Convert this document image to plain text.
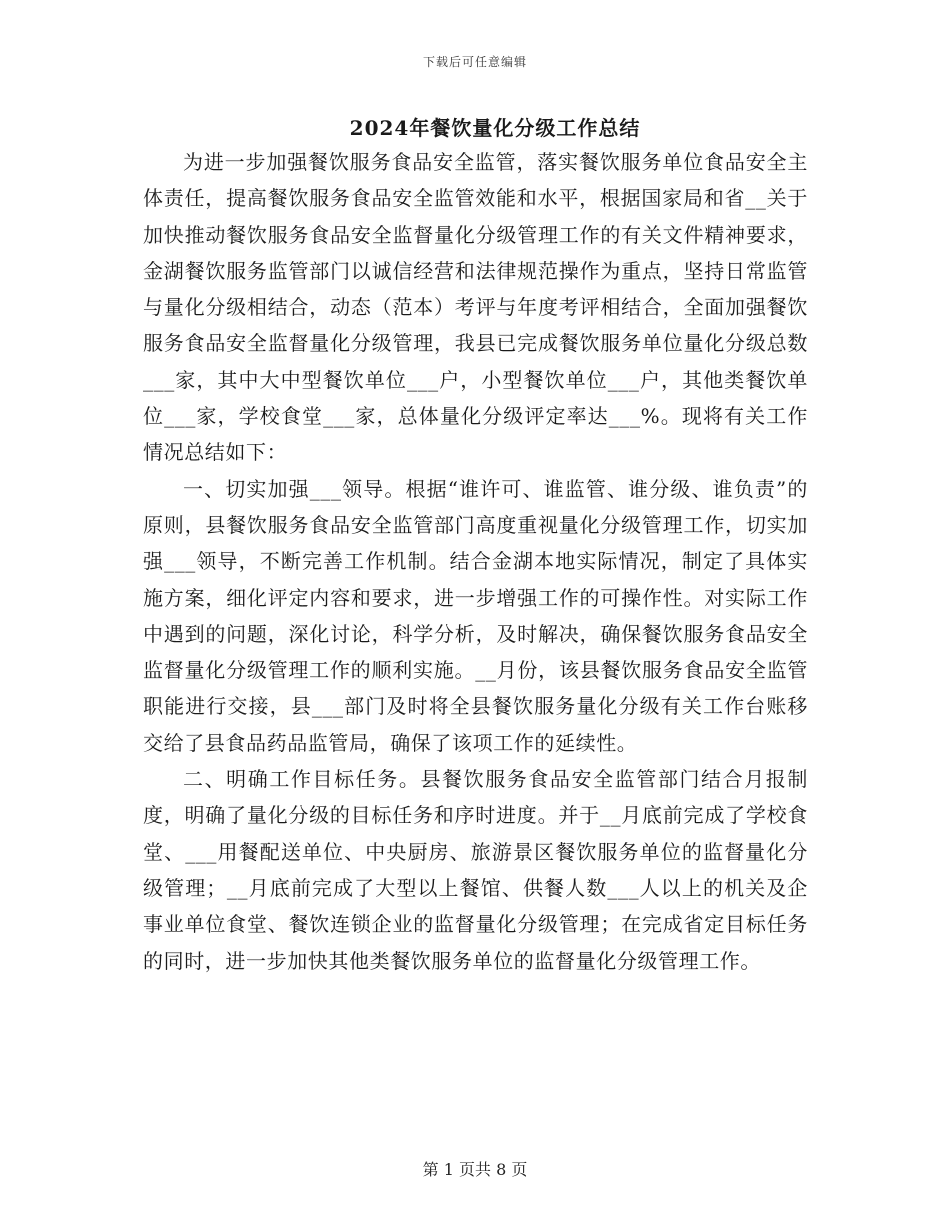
下载后可任意编辑
2024年餐饮量化分级工作总结

为进一步加强餐饮服务食品安全监管，落实餐饮服务单位食品安全主体责任，提高餐饮服务食品安全监管效能和水平，根据国家局和省__关于加快推动餐饮服务食品安全监督量化分级管理工作的有关文件精神要求，金湖餐饮服务监管部门以诚信经营和法律规范操作为重点，坚持日常监管与量化分级相结合，动态（范本）考评与年度考评相结合，全面加强餐饮服务食品安全监督量化分级管理，我县已完成餐饮服务单位量化分级总数___家，其中大中型餐饮单位___户，小型餐饮单位___户，其他类餐饮单位___家，学校食堂___家，总体量化分级评定率达___%。现将有关工作情况总结如下：

一、切实加强___领导。根据“谁许可、谁监管、谁分级、谁负责”的原则，县餐饮服务食品安全监管部门高度重视量化分级管理工作，切实加强___领导，不断完善工作机制。结合金湖本地实际情况，制定了具体实施方案，细化评定内容和要求，进一步增强工作的可操作性。对实际工作中遇到的问题，深化讨论，科学分析，及时解决，确保餐饮服务食品安全监督量化分级管理工作的顺利实施。__月份，该县餐饮服务食品安全监管职能进行交接，县___部门及时将全县餐饮服务量化分级有关工作台账移交给了县食品药品监管局，确保了该项工作的延续性。

二、明确工作目标任务。县餐饮服务食品安全监管部门结合月报制度，明确了量化分级的目标任务和序时进度。并于__月底前完成了学校食堂、___用餐配送单位、中央厨房、旅游景区餐饮服务单位的监督量化分级管理；__月底前完成了大型以上餐馆、供餐人数___人以上的机关及企事业单位食堂、餐饮连锁企业的监督量化分级管理；在完成省定目标任务的同时，进一步加快其他类餐饮服务单位的监督量化分级管理工作。

第 1 页共 8 页
